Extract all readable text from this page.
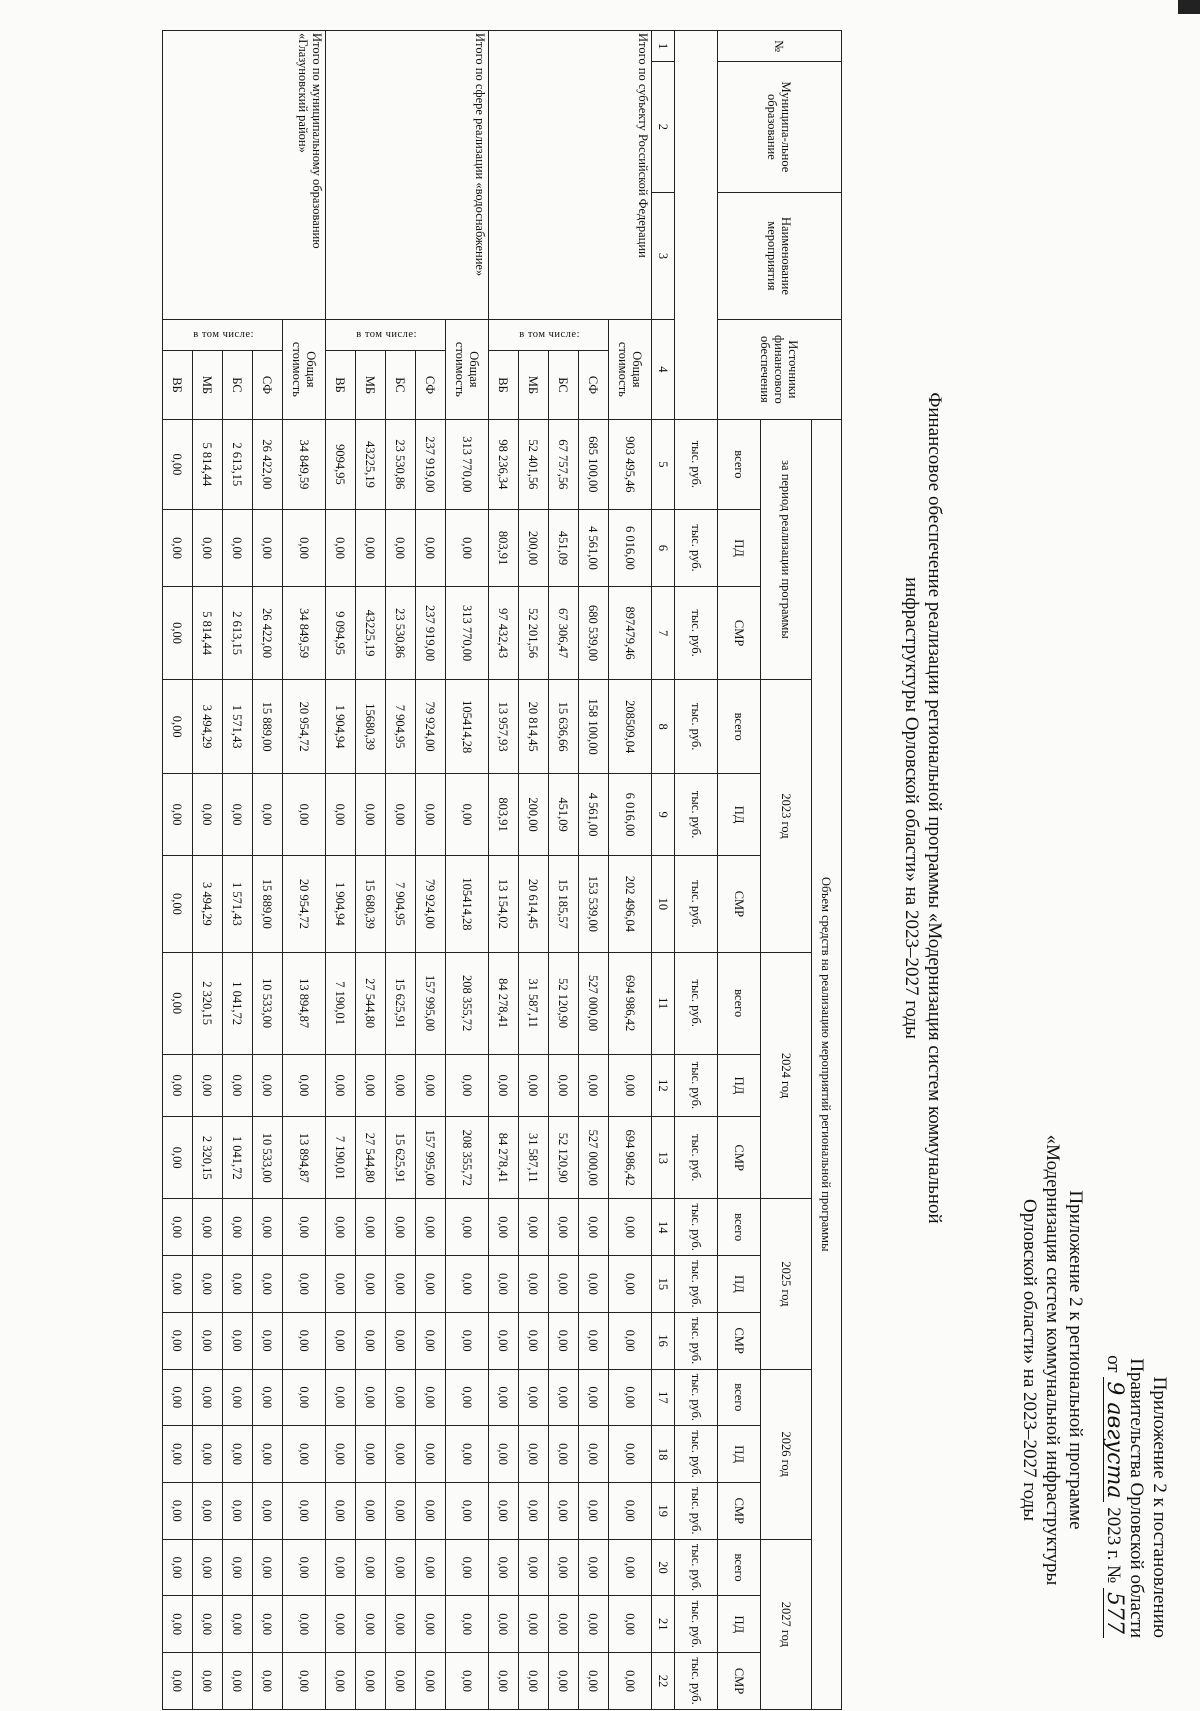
Приложение 2 к постановлению
Правительства Орловской области
от 9 августа 2023 г. № 577
Приложение 2 к региональной программе
«Модернизация систем коммунальной инфраструктуры
Орловской области» на 2023–2027 годы
Финансовое обеспечение реализации региональной программы «Модернизация систем коммунальной
инфраструктуры Орловской области» на 2023–2027 годы
№	Муниципа-льное образование	Наименование мероприятия	Источники финансового обеспечения		Объем средств на реализацию мероприятий региональной программы																	
					за период реализации программы			2023 год			2024 год			2025 год			2026 год			2027 год		
					всего	ПД	СМР	всего	ПД	СМР	всего	ПД	СМР	всего	ПД	СМР	всего	ПД	СМР	всего	ПД	СМР
					тыс. руб.	тыс. руб.	тыс. руб.	тыс. руб.	тыс. руб.	тыс. руб.	тыс. руб.	тыс. руб.	тыс. руб.	тыс. руб.	тыс. руб.	тыс. руб.	тыс. руб.	тыс. руб.	тыс. руб.	тыс. руб.	тыс. руб.	тыс. руб.
1	2	3	4		5	6	7	8	9	10	11	12	13	14	15	16	17	18	19	20	21	22
Итого по субъекту Российской Федерации			Общая стоимость		903 495,46	6 016,00	897479,46	208509,04	6 016,00	202 496,04	694 986,42	0,00	694 986,42	0,00	0,00	0,00	0,00	0,00	0,00	0,00	0,00	0,00
			в том числе:	СФ	685 100,00	4 561,00	680 539,00	158 100,00	4 561,00	153 539,00	527 000,00	0,00	527 000,00	0,00	0,00	0,00	0,00	0,00	0,00	0,00	0,00	0,00
				БС	67 757,56	451,09	67 306,47	15 636,66	451,09	15 185,57	52 120,90	0,00	52 120,90	0,00	0,00	0,00	0,00	0,00	0,00	0,00	0,00	0,00
				МБ	52 401,56	200,00	52 201,56	20 814,45	200,00	20 614,45	31 587,11	0,00	31 587,11	0,00	0,00	0,00	0,00	0,00	0,00	0,00	0,00	0,00
				ВБ	98 236,34	803,91	97 432,43	13 957,93	803,91	13 154,02	84 278,41	0,00	84 278,41	0,00	0,00	0,00	0,00	0,00	0,00	0,00	0,00	0,00
Итого по сфере реализации «водоснабжение»			Общая стоимость		313 770,00	0,00	313 770,00	105414,28	0,00	105414,28	208 355,72	0,00	208 355,72	0,00	0,00	0,00	0,00	0,00	0,00	0,00	0,00	0,00
			в том числе:	СФ	237 919,00	0,00	237 919,00	79 924,00	0,00	79 924,00	157 995,00	0,00	157 995,00	0,00	0,00	0,00	0,00	0,00	0,00	0,00	0,00	0,00
				БС	23 530,86	0,00	23 530,86	7 904,95	0,00	7 904,95	15 625,91	0,00	15 625,91	0,00	0,00	0,00	0,00	0,00	0,00	0,00	0,00	0,00
				МБ	43225,19	0,00	43225,19	15680,39	0,00	15 680,39	27 544,80	0,00	27 544,80	0,00	0,00	0,00	0,00	0,00	0,00	0,00	0,00	0,00
				ВБ	9094,95	0,00	9 094,95	1 904,94	0,00	1 904,94	7 190,01	0,00	7 190,01	0,00	0,00	0,00	0,00	0,00	0,00	0,00	0,00	0,00
Итого по муниципальному образованию «Глазуновский район»			Общая стоимость		34 849,59	0,00	34 849,59	20 954,72	0,00	20 954,72	13 894,87	0,00	13 894,87	0,00	0,00	0,00	0,00	0,00	0,00	0,00	0,00	0,00
			в том числе:	СФ	26 422,00	0,00	26 422,00	15 889,00	0,00	15 889,00	10 533,00	0,00	10 533,00	0,00	0,00	0,00	0,00	0,00	0,00	0,00	0,00	0,00
				БС	2 613,15	0,00	2 613,15	1 571,43	0,00	1 571,43	1 041,72	0,00	1 041,72	0,00	0,00	0,00	0,00	0,00	0,00	0,00	0,00	0,00
				МБ	5 814,44	0,00	5 814,44	3 494,29	0,00	3 494,29	2 320,15	0,00	2 320,15	0,00	0,00	0,00	0,00	0,00	0,00	0,00	0,00	0,00
				ВБ	0,00	0,00	0,00	0,00	0,00	0,00	0,00	0,00	0,00	0,00	0,00	0,00	0,00	0,00	0,00	0,00	0,00	0,00
